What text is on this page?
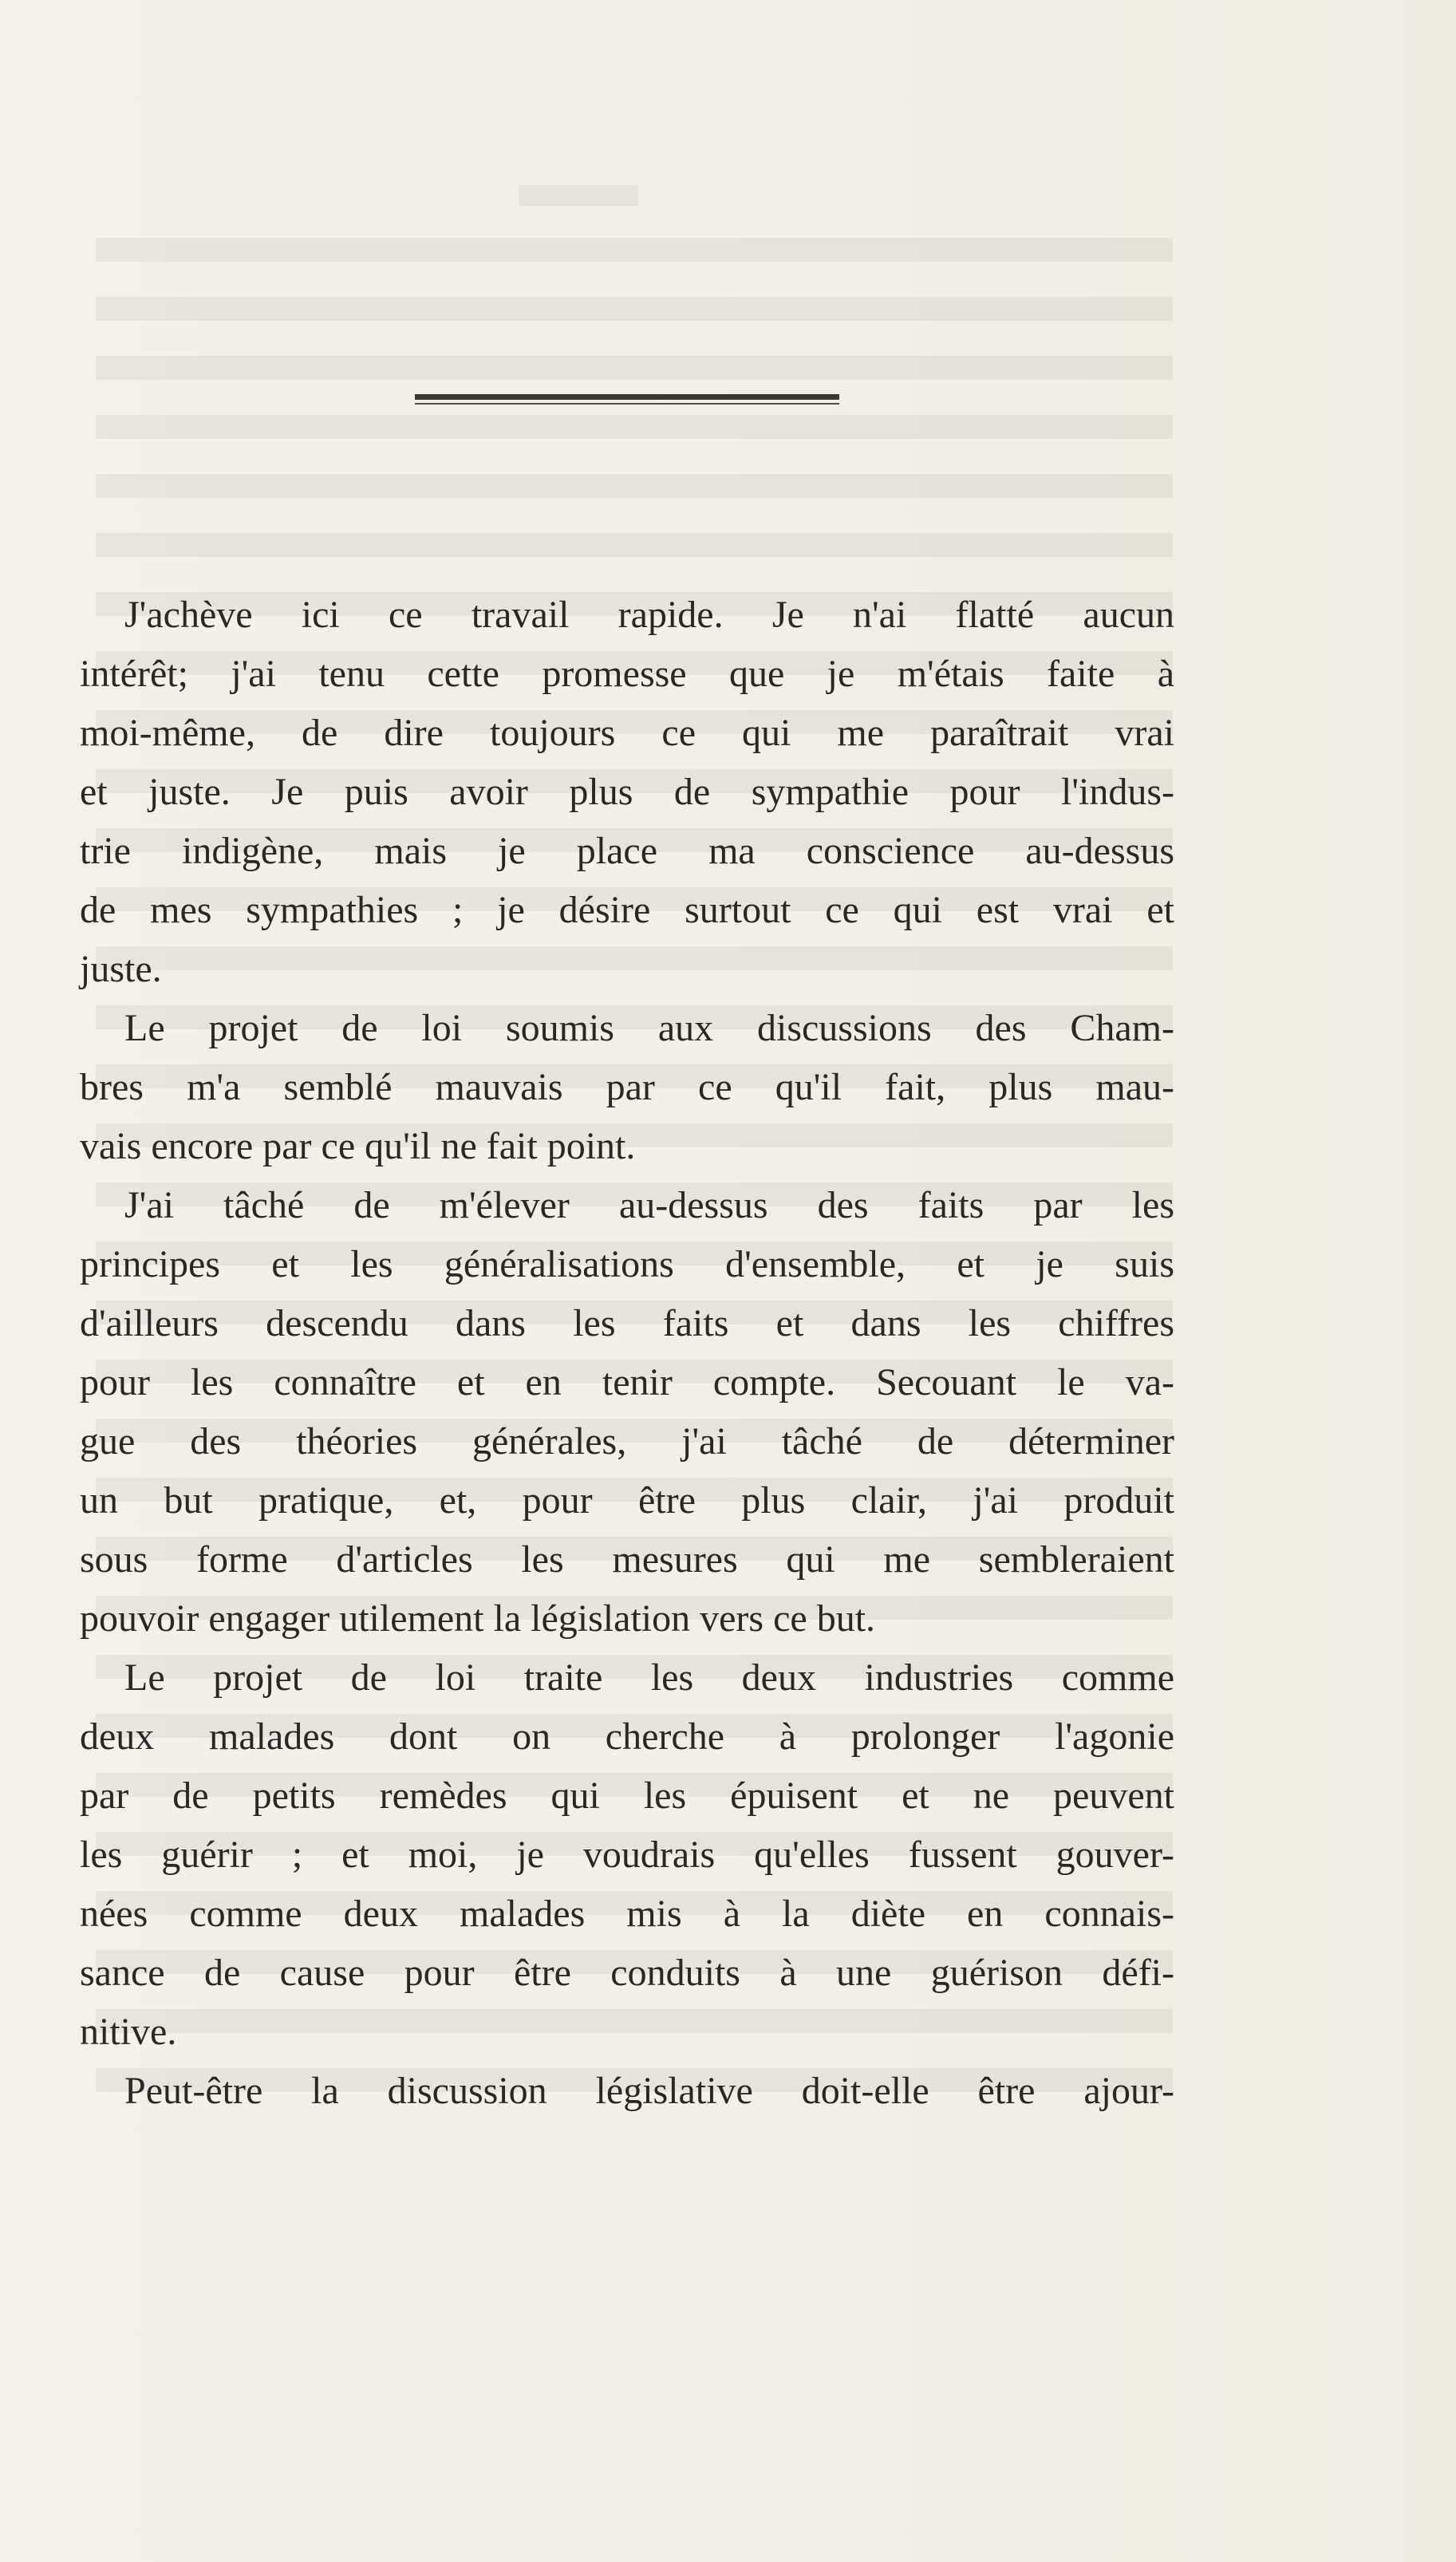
J'achève ici ce travail rapide. Je n'ai flatté aucun
intérêt; j'ai tenu cette promesse que je m'étais faite à
moi-même, de dire toujours ce qui me paraîtrait vrai
et juste. Je puis avoir plus de sympathie pour l'indus-
trie indigène, mais je place ma conscience au-dessus
de mes sympathies ; je désire surtout ce qui est vrai et
juste.
Le projet de loi soumis aux discussions des Cham-
bres m'a semblé mauvais par ce qu'il fait, plus mau-
vais encore par ce qu'il ne fait point.
J'ai tâché de m'élever au-dessus des faits par les
principes et les généralisations d'ensemble, et je suis
d'ailleurs descendu dans les faits et dans les chiffres
pour les connaître et en tenir compte. Secouant le va-
gue des théories générales, j'ai tâché de déterminer
un but pratique, et, pour être plus clair, j'ai produit
sous forme d'articles les mesures qui me sembleraient
pouvoir engager utilement la législation vers ce but.
Le projet de loi traite les deux industries comme
deux malades dont on cherche à prolonger l'agonie
par de petits remèdes qui les épuisent et ne peuvent
les guérir ; et moi, je voudrais qu'elles fussent gouver-
nées comme deux malades mis à la diète en connais-
sance de cause pour être conduits à une guérison défi-
nitive.
Peut-être la discussion législative doit-elle être ajour-
